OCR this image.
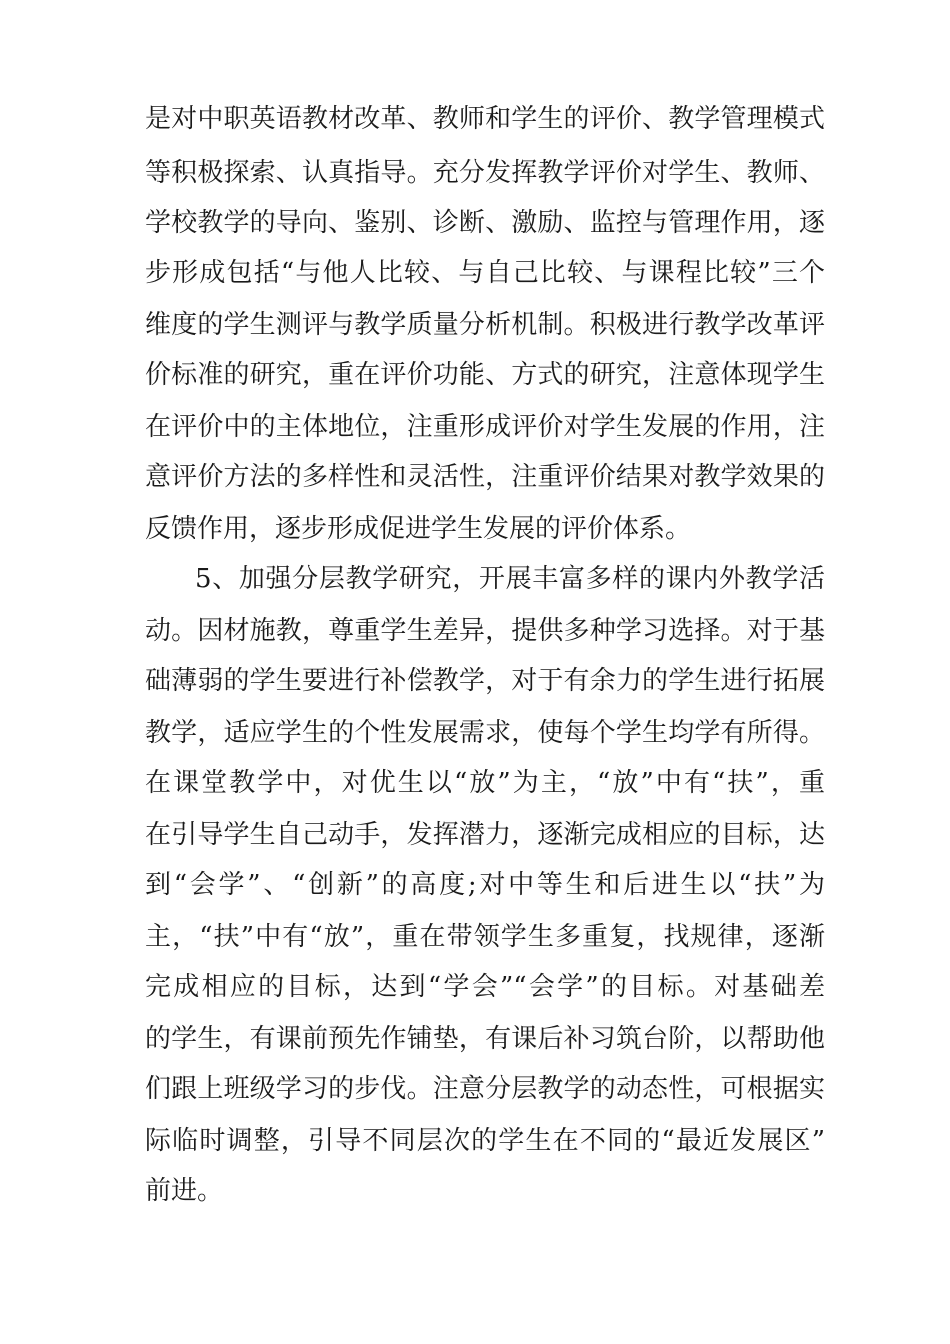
是对中职英语教材改革、教师和学生的评价、教学管理模式
等积极探索、认真指导。充分发挥教学评价对学生、教师、
学校教学的导向、鉴别、诊断、激励、监控与管理作用，逐
步形成包括“与他人比较、与自己比较、与课程比较”三个
维度的学生测评与教学质量分析机制。积极进行教学改革评
价标准的研究，重在评价功能、方式的研究，注意体现学生
在评价中的主体地位，注重形成评价对学生发展的作用，注
意评价方法的多样性和灵活性，注重评价结果对教学效果的
反馈作用，逐步形成促进学生发展的评价体系。
5、加强分层教学研究，开展丰富多样的课内外教学活
动。因材施教，尊重学生差异，提供多种学习选择。对于基
础薄弱的学生要进行补偿教学，对于有余力的学生进行拓展
教学，适应学生的个性发展需求，使每个学生均学有所得。
在课堂教学中，对优生以“放”为主，“放”中有“扶”，重
在引导学生自己动手，发挥潜力，逐渐完成相应的目标，达
到“会学”、“创新”的高度;对中等生和后进生以“扶”为
主，“扶”中有“放”，重在带领学生多重复，找规律，逐渐
完成相应的目标，达到“学会”“会学”的目标。对基础差
的学生，有课前预先作铺垫，有课后补习筑台阶，以帮助他
们跟上班级学习的步伐。注意分层教学的动态性，可根据实
际临时调整，引导不同层次的学生在不同的“最近发展区”
前进。
